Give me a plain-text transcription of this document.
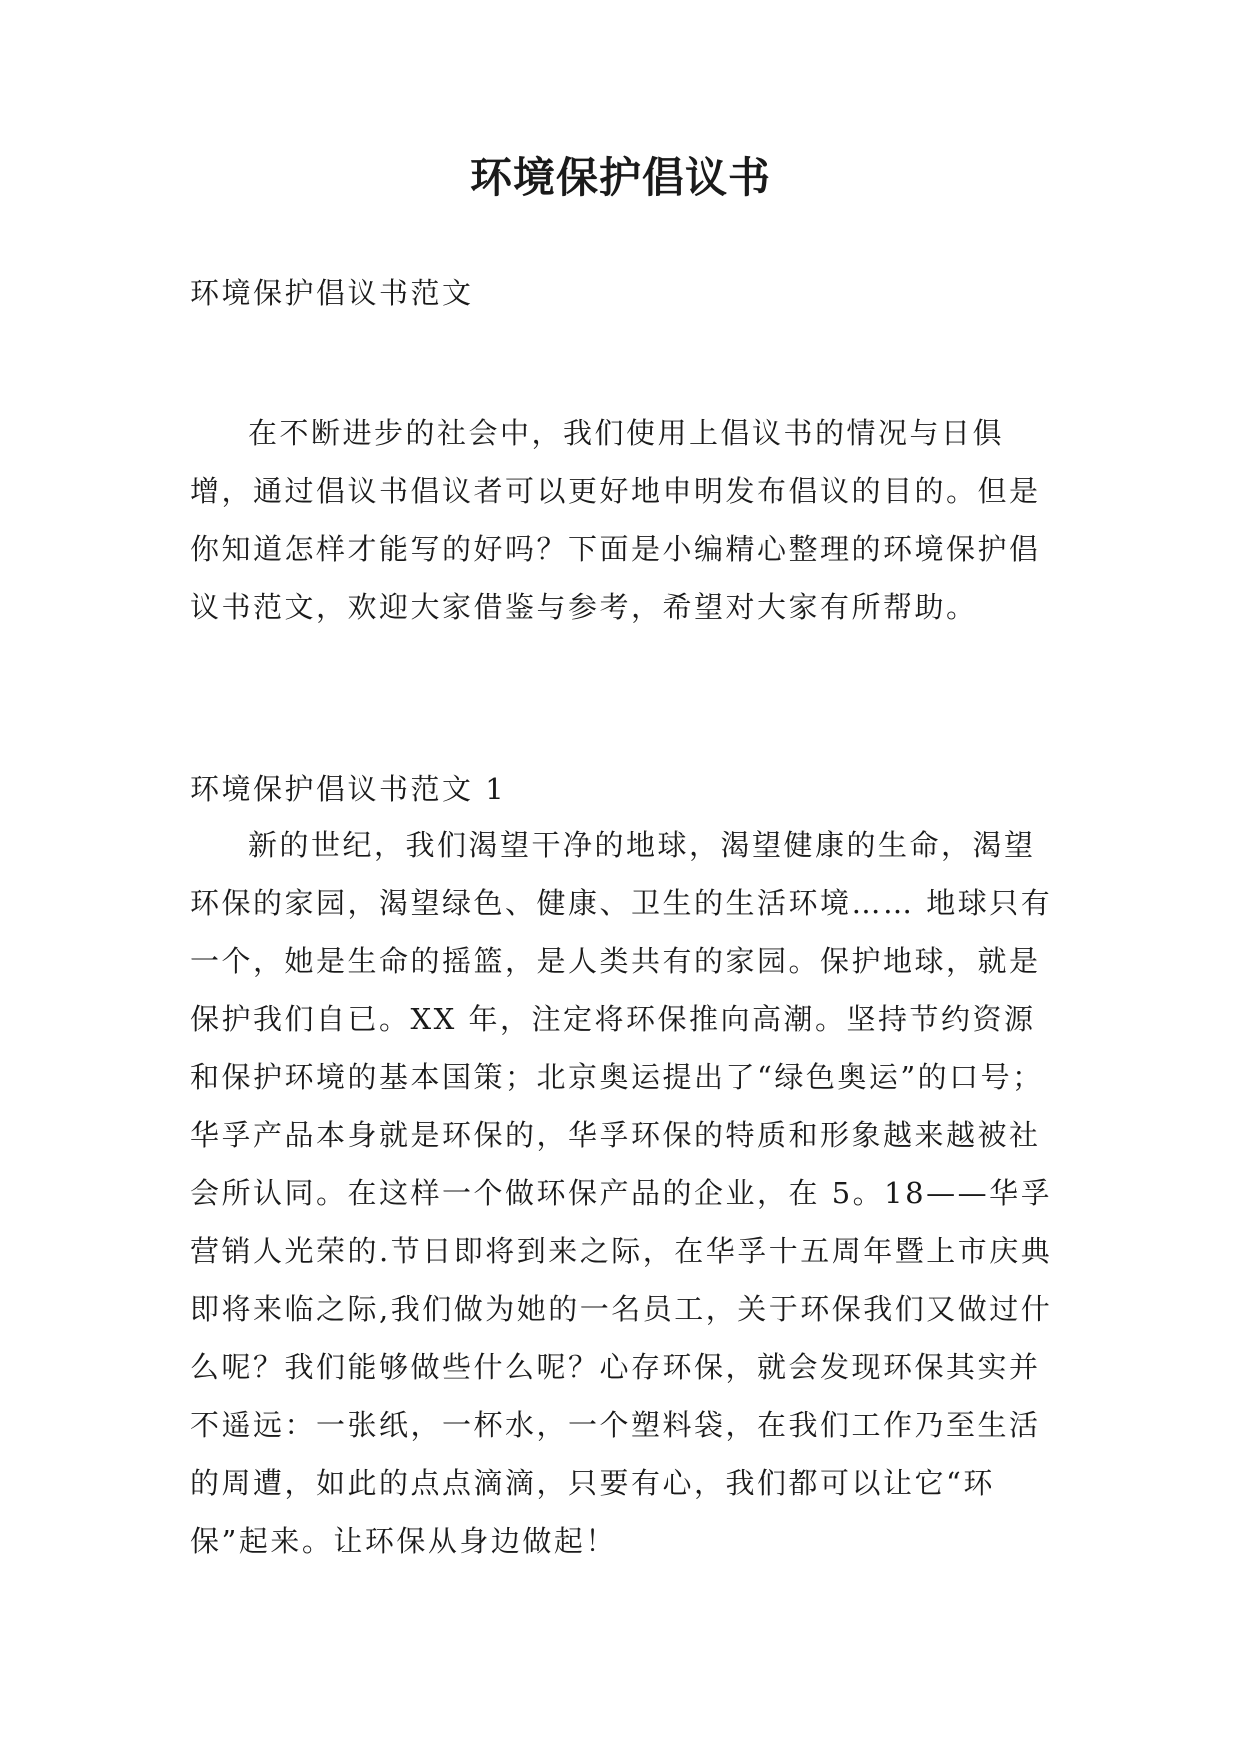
环境保护倡议书

环境保护倡议书范文

在不断进步的社会中，我们使用上倡议书的情况与日俱增，通过倡议书倡议者可以更好地申明发布倡议的目的。但是你知道怎样才能写的好吗？下面是小编精心整理的环境保护倡议书范文，欢迎大家借鉴与参考，希望对大家有所帮助。

环境保护倡议书范文 1

新的世纪，我们渴望干净的地球，渴望健康的生命，渴望环保的家园，渴望绿色、健康、卫生的生活环境…… 地球只有一个，她是生命的摇篮，是人类共有的家园。保护地球，就是保护我们自已。XX 年，注定将环保推向高潮。坚持节约资源和保护环境的基本国策；北京奥运提出了“绿色奥运”的口号；华孚产品本身就是环保的，华孚环保的特质和形象越来越被社会所认同。在这样一个做环保产品的企业，在 5。18——华孚营销人光荣的.节日即将到来之际，在华孚十五周年暨上市庆典即将来临之际,我们做为她的一名员工，关于环保我们又做过什么呢？我们能够做些什么呢？心存环保，就会发现环保其实并不遥远：一张纸，一杯水，一个塑料袋，在我们工作乃至生活的周遭，如此的点点滴滴，只要有心，我们都可以让它“环保”起来。让环保从身边做起！
